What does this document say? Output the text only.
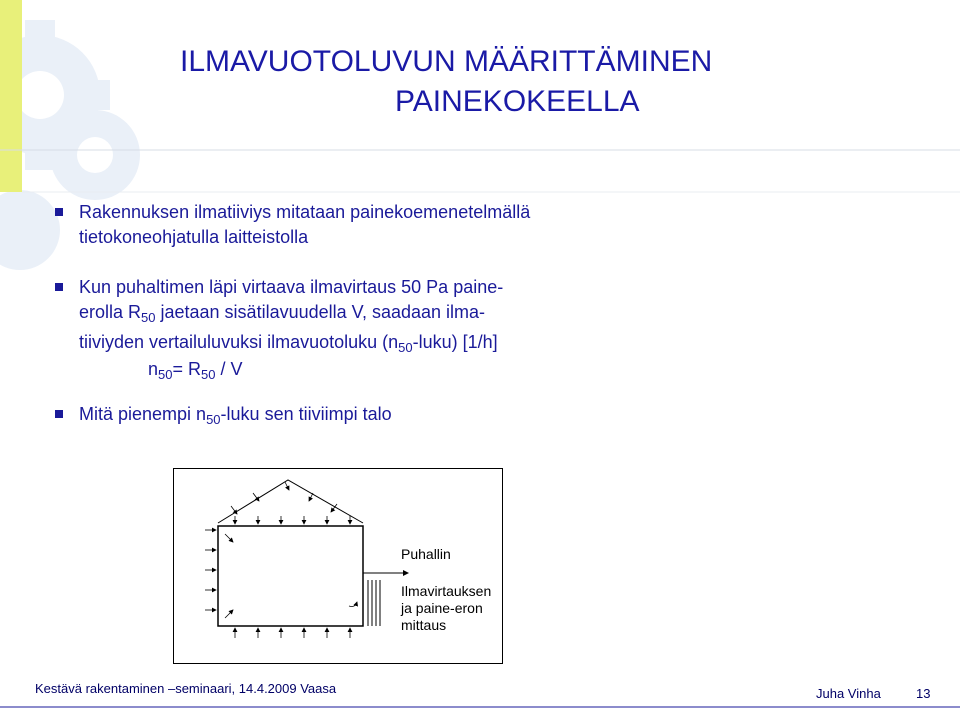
ILMAVUOTOLUVUN MÄÄRITTÄMINEN
PAINEKOKEELLA
Rakennuksen ilmatiiviys mitataan painekoemenetelmällä
tietokoneohjatulla laitteistolla
Kun puhaltimen läpi virtaava ilmavirtaus 50 Pa paine-
erolla $R_{50}$ jaetaan sisätilavuudella V, saadaan ilma-
tiiviyden vertailuluvuksi ilmavuotoluku $(n_{50}-luku)$ [1/h]
$n_{50}= R_{50} / V$
Mitä pienempi $n_{50}$-luku sen tiiviimpi talo
Puhallin
Ilmavirtauksen
ja paine-eron
mittaus
Kestävä rakentaminen –seminaari, 14.4.2009 Vaasa	Juha Vinha	13
